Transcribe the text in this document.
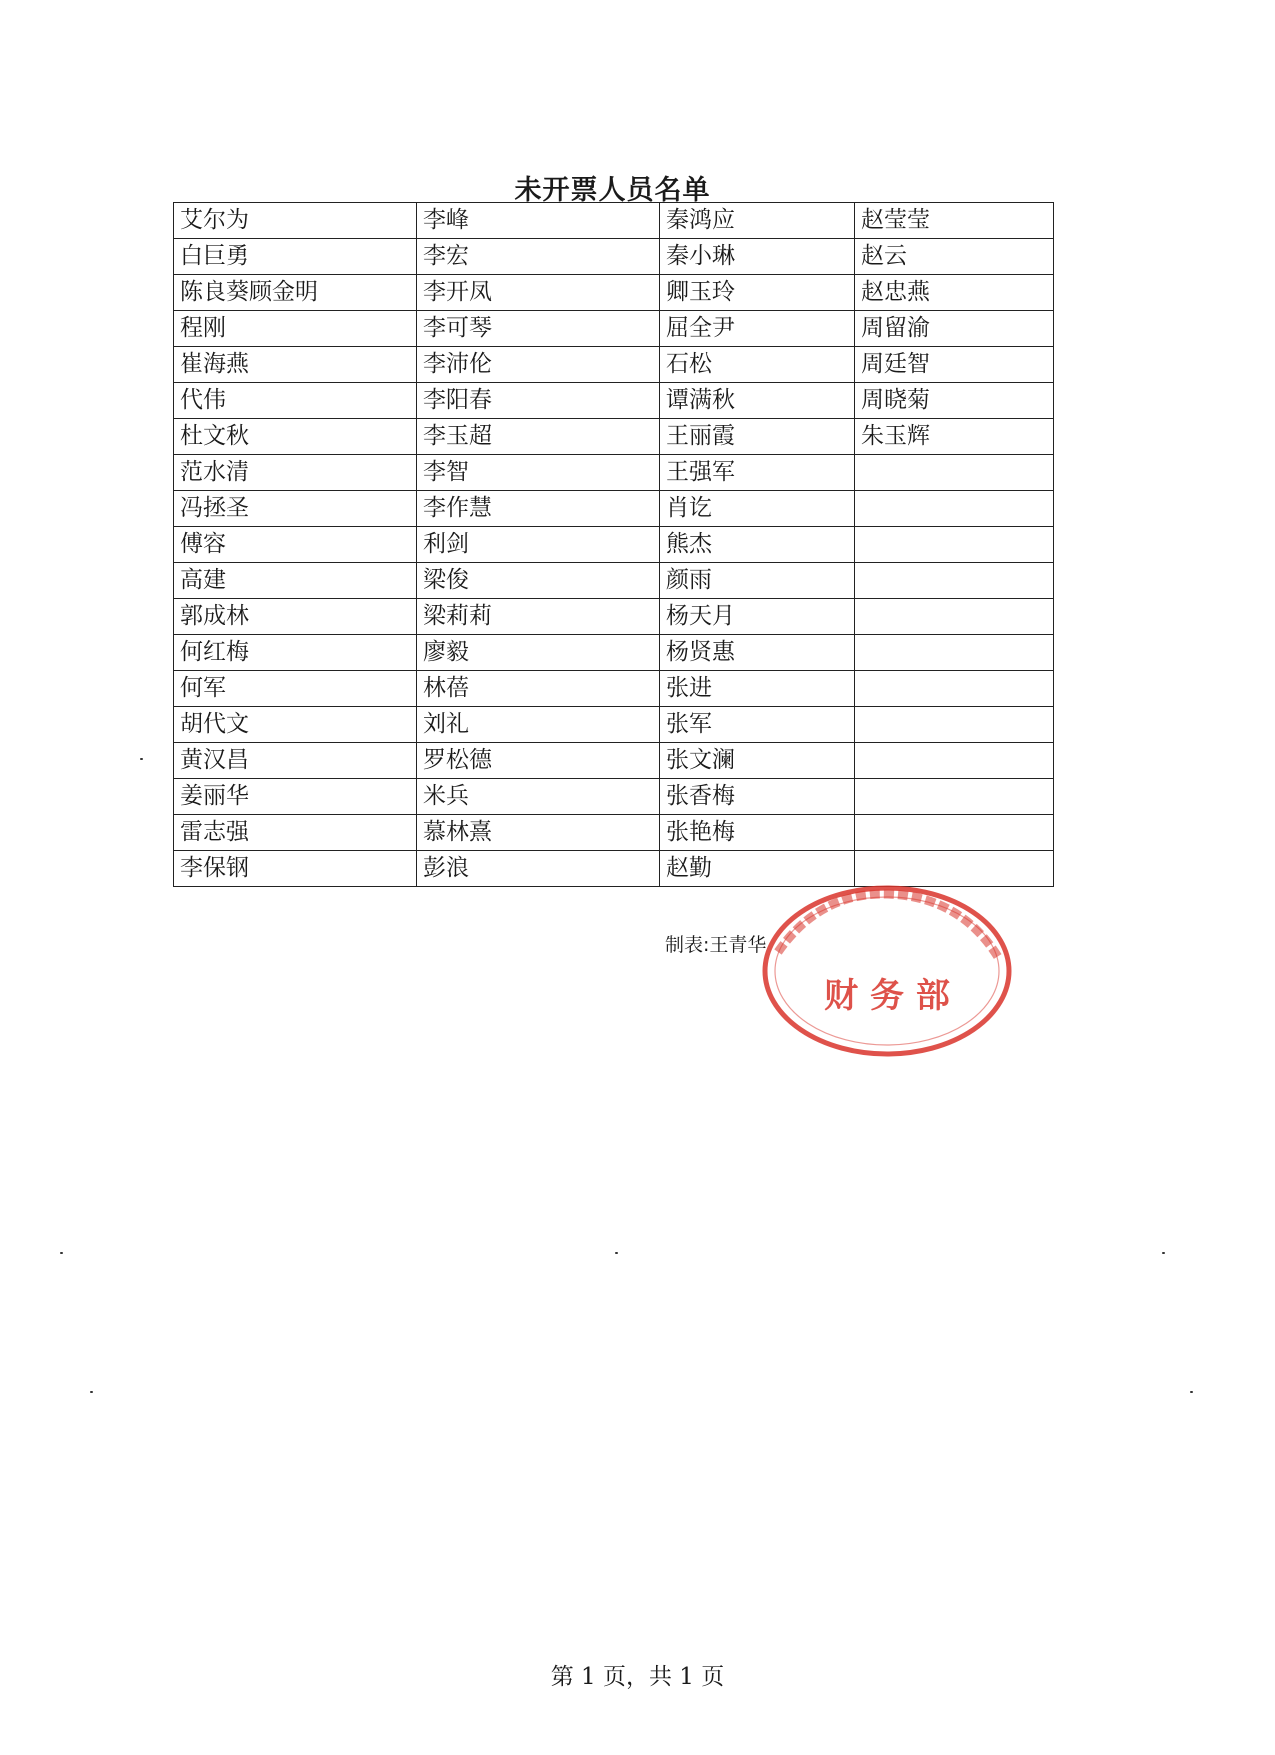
未开票人员名单
艾尔为	李峰	秦鸿应	赵莹莹
白巨勇	李宏	秦小琳	赵云
陈良葵顾金明	李开凤	卿玉玲	赵忠燕
程刚	李可琴	屈全尹	周留渝
崔海燕	李沛伦	石松	周廷智
代伟	李阳春	谭满秋	周晓菊
杜文秋	李玉超	王丽霞	朱玉辉
范水清	李智	王强军	
冯拯圣	李作慧	肖讫	
傅容	利剑	熊杰	
高建	梁俊	颜雨	
郭成林	梁莉莉	杨天月	
何红梅	廖毅	杨贤惠	
何军	林蓓	张进	
胡代文	刘礼	张军	
黄汉昌	罗松德	张文澜	
姜丽华	米兵	张香梅	
雷志强	慕林熹	张艳梅	
李保钢	彭浪	赵勤	
制表:王青华
财 务 部
第 1 页，共 1 页
